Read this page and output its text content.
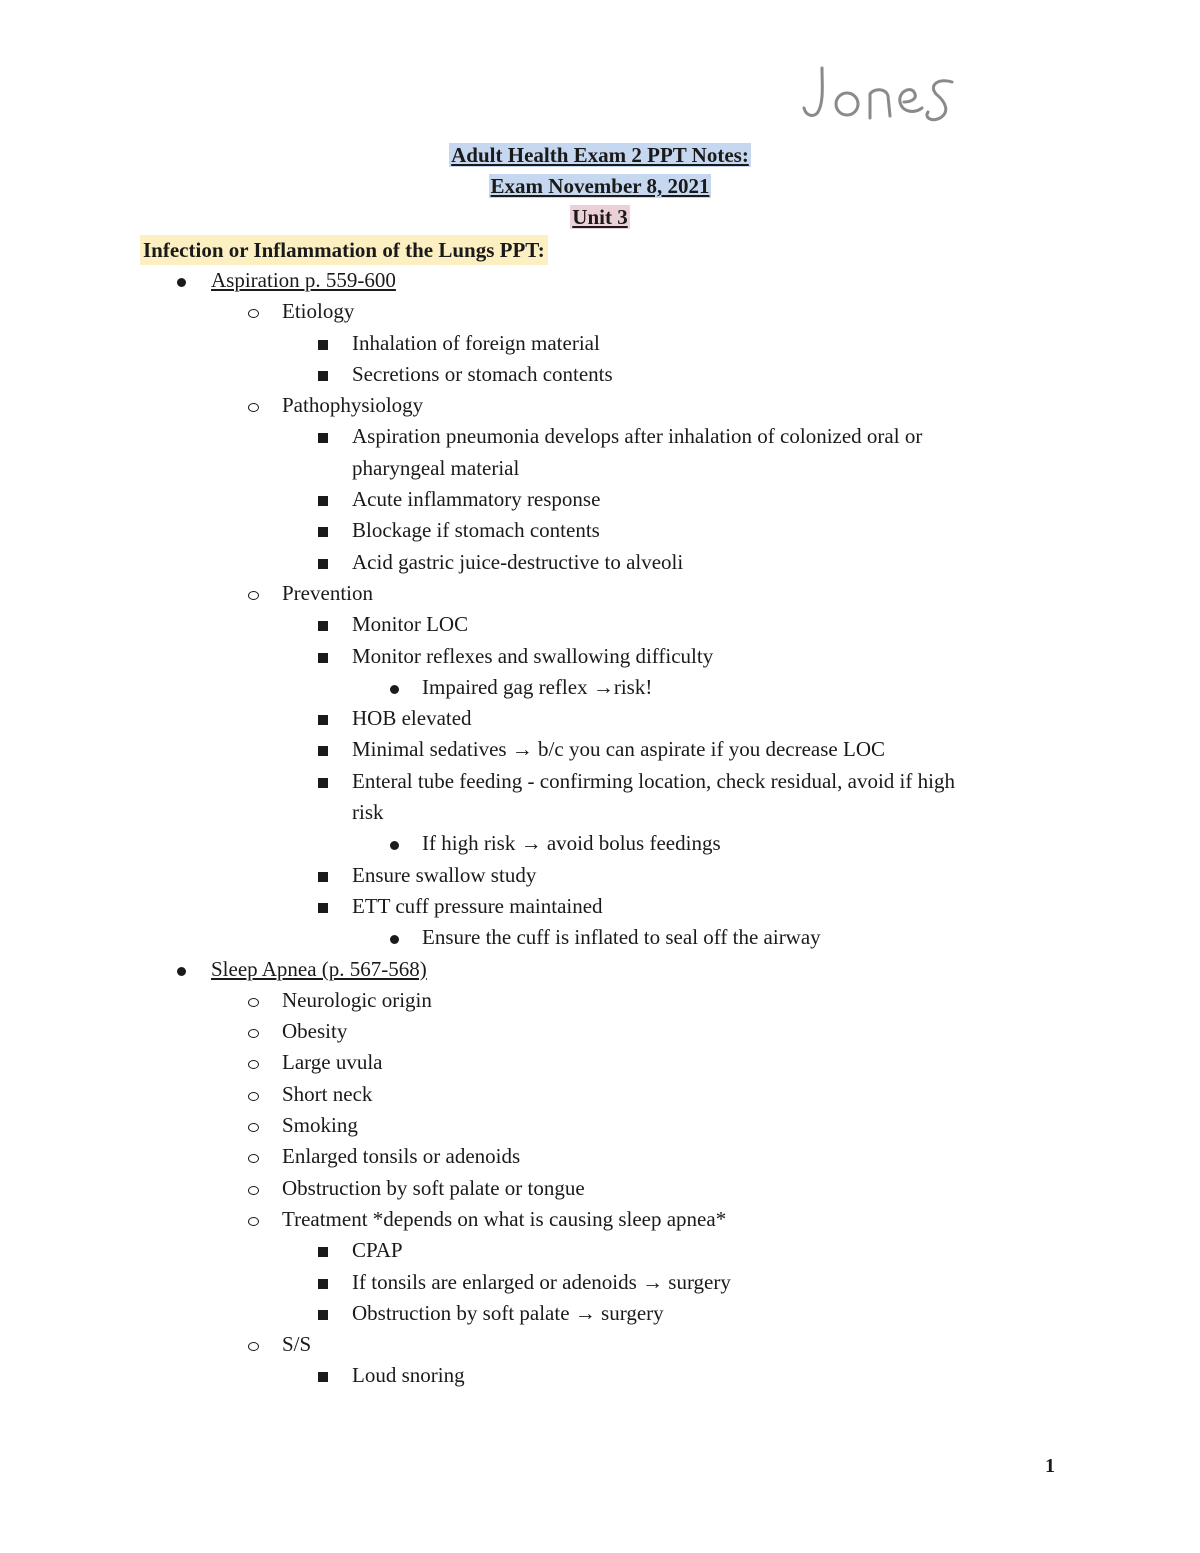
Adult Health Exam 2 PPT Notes:
Exam November 8, 2021
Unit 3
Infection or Inflammation of the Lungs PPT:
Aspiration p. 559-600
Etiology
Inhalation of foreign material
Secretions or stomach contents
Pathophysiology
Aspiration pneumonia develops after inhalation of colonized oral or
pharyngeal material
Acute inflammatory response
Blockage if stomach contents
Acid gastric juice-destructive to alveoli
Prevention
Monitor LOC
Monitor reflexes and swallowing difficulty
Impaired gag reflex →risk!
HOB elevated
Minimal sedatives → b/c you can aspirate if you decrease LOC
Enteral tube feeding - confirming location, check residual, avoid if high
risk
If high risk → avoid bolus feedings
Ensure swallow study
ETT cuff pressure maintained
Ensure the cuff is inflated to seal off the airway
Sleep Apnea (p. 567-568)
Neurologic origin
Obesity
Large uvula
Short neck
Smoking
Enlarged tonsils or adenoids
Obstruction by soft palate or tongue
Treatment *depends on what is causing sleep apnea*
CPAP
If tonsils are enlarged or adenoids → surgery
Obstruction by soft palate → surgery
S/S
Loud snoring
1
